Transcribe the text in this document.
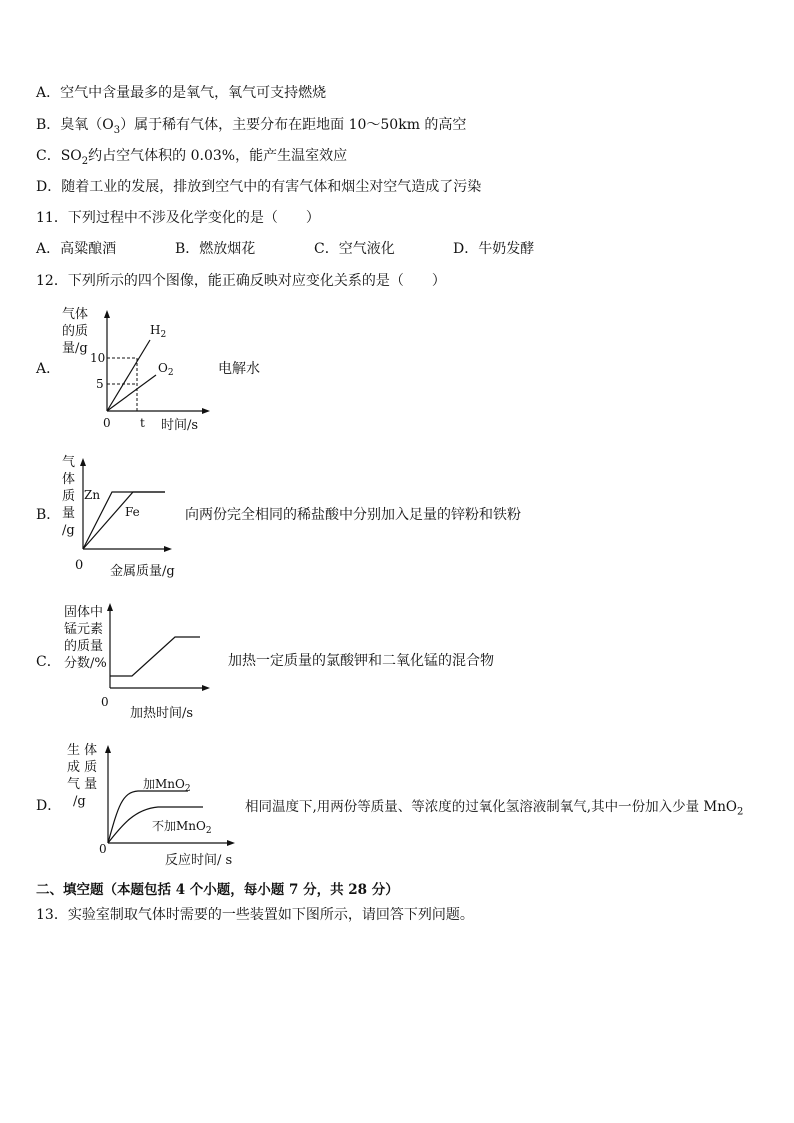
A．空气中含量最多的是氧气，氧气可支持燃烧
B．臭氧$(O_3)$属于稀有气体，主要分布在距地面 10～50km 的高空
C．$SO_2$约占空气体积的 0.03%，能产生温室效应
D．随着工业的发展，排放到空气中的有害气体和烟尘对空气造成了污染
11．下列过程中不涉及化学变化的是（　　）
A．高粱酿酒	B．燃放烟花	C．空气液化	D．牛奶发酵
12．下列所示的四个图像，能正确反映对应变化关系的是（　　）
A．
气体
的质
量/g
10
5
0 t
$H_2$
$O_2$	电解水
时间/s
B．
气
体
质
量
/g
Zn
Fe
0 金属质量/g
向两份完全相同的稀盐酸中分别加入足量的锌粉和铁粉
C．
固体中
锰元素
的质量
分数/%
0
加热时间/s
加热一定质量的氯酸钾和二氧化锰的混合物
D．
生 体
成 质
气 量
/g
加MnO$_2$
不加MnO$_2$
0
反应时间/ s
相同温度下,用两份等质量、等浓度的过氧化氢溶液制氧气,其中一份加入少量 MnO$_2$
二、填空题（本题包括 4 个小题，每小题 7 分，共 28 分）
13．实验室制取气体时需要的一些装置如下图所示，请回答下列问题。
